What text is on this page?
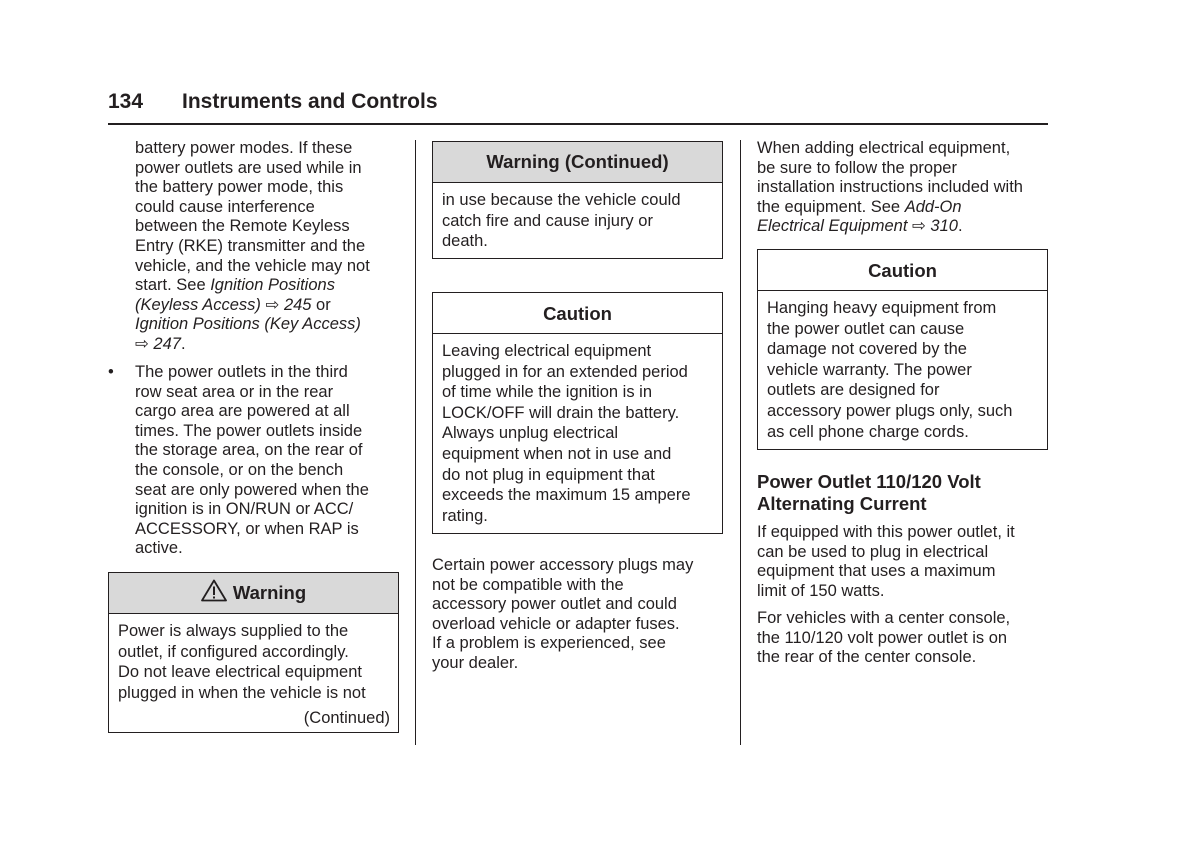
134 Instruments and Controls

battery power modes. If these

power outlets are used while in

the battery power mode, this

could cause interference

between the Remote Keyless

Entry (RKE) transmitter and the

vehicle, and the vehicle may not

start. See Ignition Positions

(Keyless Access) ⇨ 245 or

Ignition Positions (Key Access)

⇨ 247.

• The power outlets in the third

row seat area or in the rear

cargo area are powered at all

times. The power outlets inside

the storage area, on the rear of

the console, or on the bench

seat are only powered when the

ignition is in ON/RUN or ACC/

ACCESSORY, or when RAP is

active.

Warning

Power is always supplied to the

outlet, if configured accordingly.

Do not leave electrical equipment

plugged in when the vehicle is not

(Continued)
Warning (Continued)

in use because the vehicle could

catch fire and cause injury or

death.

Caution

Leaving electrical equipment

plugged in for an extended period

of time while the ignition is in

LOCK/OFF will drain the battery.

Always unplug electrical

equipment when not in use and

do not plug in equipment that

exceeds the maximum 15 ampere

rating.

Certain power accessory plugs may

not be compatible with the

accessory power outlet and could

overload vehicle or adapter fuses.

If a problem is experienced, see

your dealer.

When adding electrical equipment,

be sure to follow the proper

installation instructions included with

the equipment. See Add-On

Electrical Equipment ⇨ 310.

Caution

Hanging heavy equipment from

the power outlet can cause

damage not covered by the

vehicle warranty. The power

outlets are designed for

accessory power plugs only, such

as cell phone charge cords.

Power Outlet 110/120 Volt
Alternating Current

If equipped with this power outlet, it

can be used to plug in electrical

equipment that uses a maximum

limit of 150 watts.

For vehicles with a center console,

the 110/120 volt power outlet is on

the rear of the center console.
